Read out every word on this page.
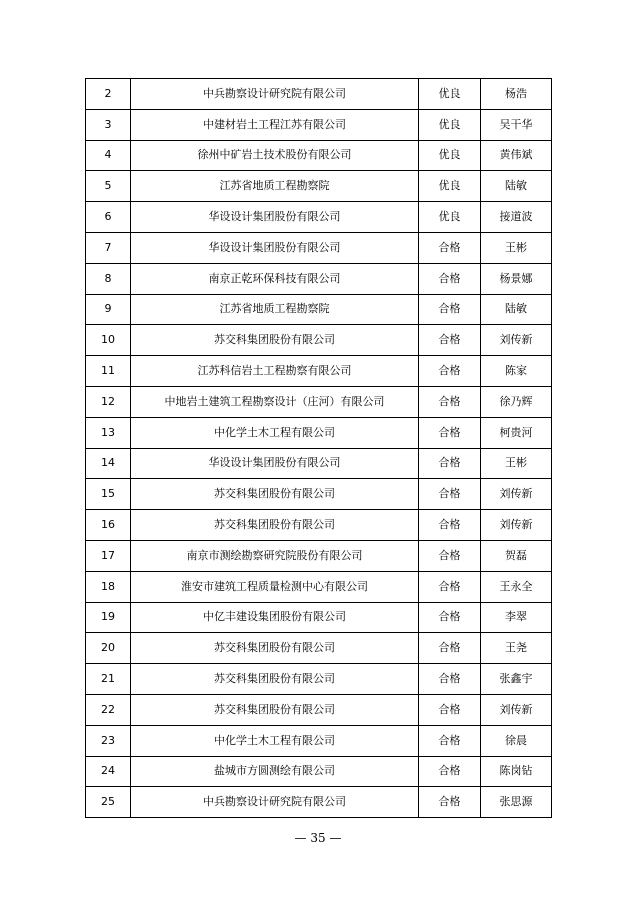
2	中兵勘察设计研究院有限公司	优良	杨浩
3	中建材岩土工程江苏有限公司	优良	吴干华
4	徐州中矿岩土技术股份有限公司	优良	黄伟斌
5	江苏省地质工程勘察院	优良	陆敏
6	华设设计集团股份有限公司	优良	接道波
7	华设设计集团股份有限公司	合格	王彬
8	南京正乾环保科技有限公司	合格	杨景娜
9	江苏省地质工程勘察院	合格	陆敏
10	苏交科集团股份有限公司	合格	刘传新
11	江苏科信岩土工程勘察有限公司	合格	陈家
12	中地岩土建筑工程勘察设计（庄河）有限公司	合格	徐乃辉
13	中化学土木工程有限公司	合格	柯贵河
14	华设设计集团股份有限公司	合格	王彬
15	苏交科集团股份有限公司	合格	刘传新
16	苏交科集团股份有限公司	合格	刘传新
17	南京市测绘勘察研究院股份有限公司	合格	贺磊
18	淮安市建筑工程质量检测中心有限公司	合格	王永全
19	中亿丰建设集团股份有限公司	合格	李翠
20	苏交科集团股份有限公司	合格	王尧
21	苏交科集团股份有限公司	合格	张鑫宇
22	苏交科集团股份有限公司	合格	刘传新
23	中化学土木工程有限公司	合格	徐晨
24	盐城市方圆测绘有限公司	合格	陈岗钻
25	中兵勘察设计研究院有限公司	合格	张思源
— 35 —
